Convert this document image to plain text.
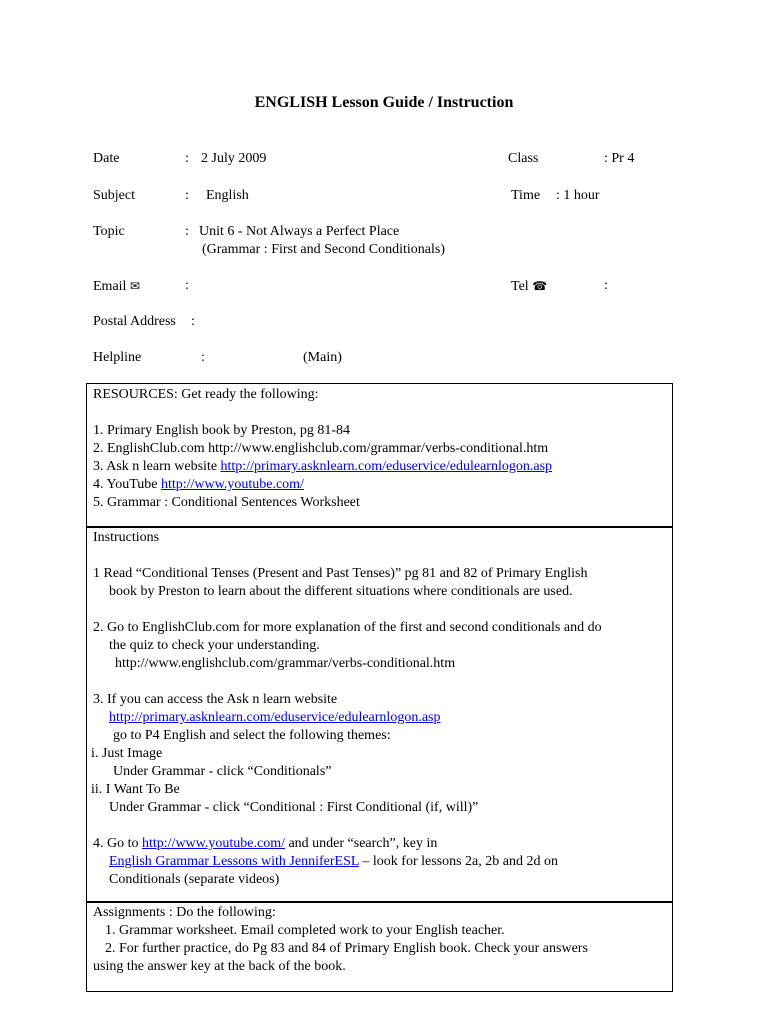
ENGLISH Lesson Guide / Instruction
Date	: 2 July 2009	Class	: Pr 4
Subject	: English	Time : 1 hour
Topic	: Unit 6 - Not Always a Perfect Place
(Grammar : First and Second Conditionals)
Email ✉	:	Tel ☎	:
Postal Address :
Helpline	:	(Main)
RESOURCES: Get ready the following:
1. Primary English book by Preston, pg 81-84
2. EnglishClub.com http://www.englishclub.com/grammar/verbs-conditional.htm
3. Ask n learn website http://primary.asknlearn.com/eduservice/edulearnlogon.asp
4. YouTube http://www.youtube.com/
5. Grammar : Conditional Sentences Worksheet
Instructions
1 Read “Conditional Tenses (Present and Past Tenses)” pg 81 and 82 of Primary English
book by Preston to learn about the different situations where conditionals are used.
2. Go to EnglishClub.com for more explanation of the first and second conditionals and do
the quiz to check your understanding.
http://www.englishclub.com/grammar/verbs-conditional.htm
3. If you can access the Ask n learn website
http://primary.asknlearn.com/eduservice/edulearnlogon.asp
go to P4 English and select the following themes:
i. Just Image
Under Grammar - click “Conditionals”
ii. I Want To Be
Under Grammar - click “Conditional : First Conditional (if, will)”
4. Go to http://www.youtube.com/ and under “search”, key in
English Grammar Lessons with JenniferESL – look for lessons 2a, 2b and 2d on
Conditionals (separate videos)
Assignments : Do the following:
1. Grammar worksheet. Email completed work to your English teacher.
2. For further practice, do Pg 83 and 84 of Primary English book. Check your answers
using the answer key at the back of the book.
